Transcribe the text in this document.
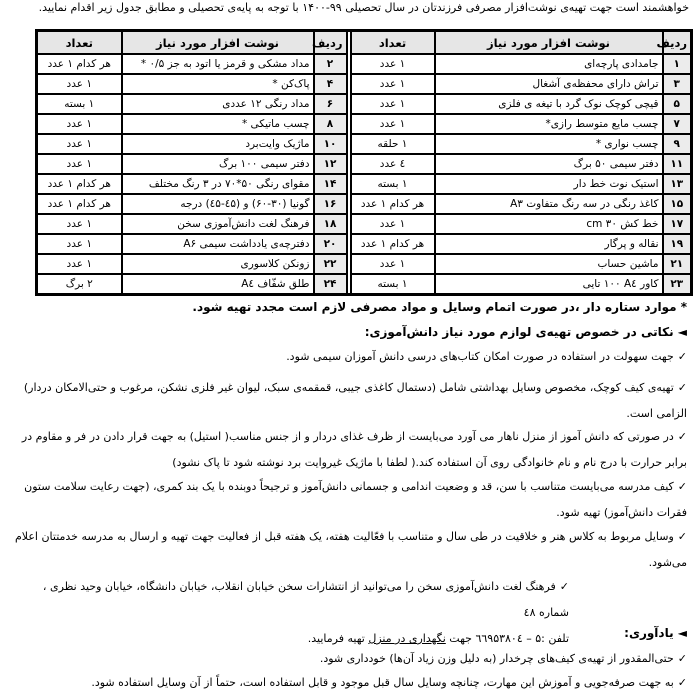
خواهشمند است جهت تهیه‌ی نوشت‌افزار مصرفی فرزندتان در سال تحصیلی ۹۹-۱۴۰۰ با توجه به پایه‌ی تحصیلی و مطابق جدول زیر اقدام نمایید.
ردیف	نوشت افزار مورد نیاز	تعداد		ردیف	نوشت افزار مورد نیاز	تعداد
۱	جامدادی پارچه‌ای	۱ عدد		۲	مداد مشکی و قرمز یا اتود به جز ۰/۵ *	هر کدام ۱ عدد
۳	تراش دارای محفظه‌ی آشغال	۱ عدد		۴	پاک‌کن *	۱ عدد
۵	قیچی کوچک نوک گرد با تیغه ی فلزی	۱ عدد		۶	مداد رنگی ۱۲ عددی	۱ بسته
۷	چسب مایع متوسط رازی*	۱ عدد		۸	چسب ماتیکی *	۱ عدد
۹	چسب نواری *	۱ حلقه		۱۰	ماژیک وایت‌برد	۱ عدد
۱۱	دفتر سیمی ۵۰ برگ	٤ عدد		۱۲	دفتر سیمی ۱۰۰ برگ	۱ عدد
۱۳	استیک نوت خط دار	۱ بسته		۱۴	مقوای رنگی ۵۰*۷۰ در ۳ رنگ مختلف	هر کدام ۱ عدد
۱۵	کاغذ رنگی در سه رنگ متفاوت A۳	هر کدام ۱ عدد		۱۶	گونیا (۳۰-۶۰) و (٤۵-٤۵) درجه	هر کدام ۱ عدد
۱۷	خط کش cm ۳۰	۱ عدد		۱۸	فرهنگ لغت دانش‌آموزی سخن	۱ عدد
۱۹	نقاله و پرگار	هر کدام ۱ عدد		۲۰	دفترچه‌ی یادداشت سیمی A۶	۱ عدد
۲۱	ماشین حساب	۱ عدد		۲۲	زونکن کلاسوری	۱ عدد
۲۳	کاور A٤ ۱۰۰ تایی	۱ بسته		۲۴	طلق شفّاف A٤	۲ برگ
* موارد ستاره دار ،در صورت اتمام وسایل و مواد مصرفی لازم است مجدد تهیه شود.
◄ نکاتی در خصوص تهیه‌ی لوازم مورد نیاز دانش‌آموزی:
✓جهت سهولت در استفاده در صورت امکان کتاب‌های درسی دانش آموزان سیمی شود.
✓تهیه‌ی کیف کوچک، مخصوص وسایل بهداشتی شامل (دستمال کاغذی جیبی، قمقمه‌ی سبک، لیوان غیر فلزی نشکن، مرغوب و حتی‌الامکان دردار) الزامی است.
✓در صورتی که دانش آموز از منزل ناهار می آورد می‌بایست از ظرف غذای دردار و از جنس مناسب( استیل) به جهت قرار دادن در فر و مقاوم در برابر حرارت با درج نام و نام خانوادگی روی آن استفاده کند.( لطفا با ماژیک غیروایت برد نوشته شود تا پاک نشود)
✓کیف مدرسه می‌بایست متناسب با سن، قد و وضعیت اندامی و جسمانی دانش‌آموز و ترجیحاً دوبنده با یک بند کمری، (جهت رعایت سلامت ستون فقرات دانش‌آموز) تهیه شود.
✓وسایل مربوط به کلاس هنر و خلاقیت در طی سال و متناسب با فعّالیت هفته، یک هفته قبل از فعالیت جهت تهیه و ارسال به مدرسه خدمتتان اعلام می‌شود.
✓فرهنگ لغت دانش‌آموزی سخن را می‌توانید از انتشارات سخن خیابان انقلاب، خیابان دانشگاه، خیابان وحید نظری ، شماره ٤۸
تلفن :۵ – ٦٦۹۵۳۸۰٤ جهت نگهداری در منزل تهیه فرمایید.	◄ یادآوری:
✓حتی‌المقدور از تهیه‌ی کیف‌های چرخدار (به دلیل وزن زیاد آن‌ها) خودداری شود.
✓به جهت صرفه‌جویی و آموزش این مهارت، چنانچه وسایل سال قبل موجود و قابل استفاده است، حتماً از آن وسایل استفاده شود.
